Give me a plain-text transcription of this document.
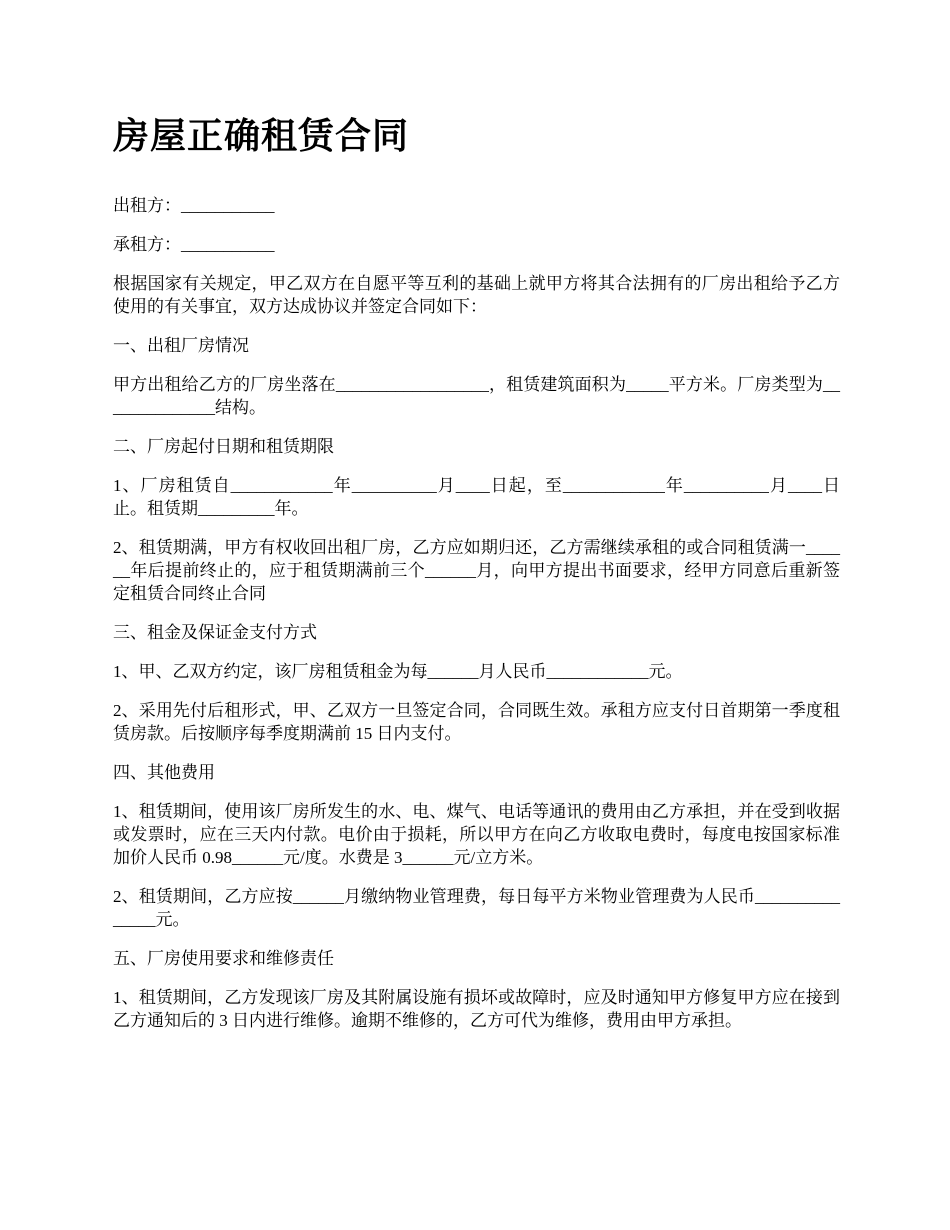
房屋正确租赁合同

出租方：___________

承租方：___________

根据国家有关规定，甲乙双方在自愿平等互利的基础上就甲方将其合法拥有的厂房出租给予乙方使用的有关事宜，双方达成协议并签定合同如下：

一、出租厂房情况

甲方出租给乙方的厂房坐落在__________________，租赁建筑面积为_____平方米。厂房类型为______________结构。

二、厂房起付日期和租赁期限

1、厂房租赁自____________年__________月____日起，至____________年__________月____日止。租赁期_________年。

2、租赁期满，甲方有权收回出租厂房，乙方应如期归还，乙方需继续承租的或合同租赁满一______年后提前终止的，应于租赁期满前三个______月，向甲方提出书面要求，经甲方同意后重新签定租赁合同终止合同

三、租金及保证金支付方式

1、甲、乙双方约定，该厂房租赁租金为每______月人民币____________元。

2、采用先付后租形式，甲、乙双方一旦签定合同，合同既生效。承租方应支付日首期第一季度租赁房款。后按顺序每季度期满前 15 日内支付。

四、其他费用

1、租赁期间，使用该厂房所发生的水、电、煤气、电话等通讯的费用由乙方承担，并在受到收据或发票时，应在三天内付款。电价由于损耗，所以甲方在向乙方收取电费时，每度电按国家标准加价人民币 0.98______元/度。水费是 3______元/立方米。

2、租赁期间，乙方应按______月缴纳物业管理费，每日每平方米物业管理费为人民币_______________元。

五、厂房使用要求和维修责任

1、租赁期间，乙方发现该厂房及其附属设施有损坏或故障时，应及时通知甲方修复甲方应在接到乙方通知后的 3 日内进行维修。逾期不维修的，乙方可代为维修，费用由甲方承担。
